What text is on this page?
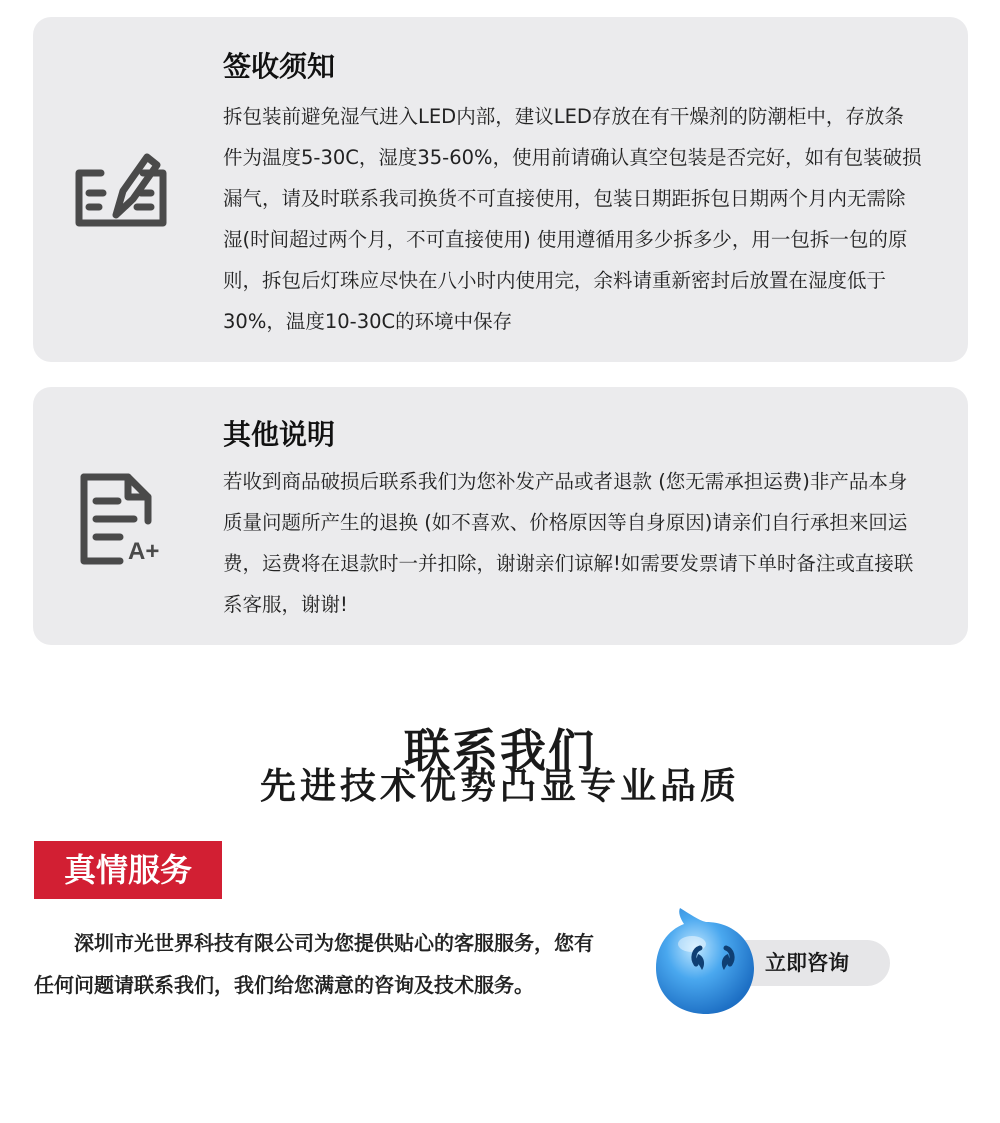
签收须知

拆包装前避免湿气进入LED内部，建议LED存放在有干燥剂的防潮柜中，存放条件为温度5-30C，湿度35-60%，使用前请确认真空包装是否完好，如有包装破损漏气，请及时联系我司换货不可直接使用，包装日期距拆包日期两个月内无需除湿(时间超过两个月，不可直接使用) 使用遵循用多少拆多少，用一包拆一包的原则，拆包后灯珠应尽快在八小时内使用完，余料请重新密封后放置在湿度低于30%，温度10-30C的环境中保存

A+
其他说明

若收到商品破损后联系我们为您补发产品或者退款 (您无需承担运费)非产品本身质量问题所产生的退换 (如不喜欢、价格原因等自身原因)请亲们自行承担来回运费，运费将在退款时一并扣除，谢谢亲们谅解!如需要发票请下单时备注或直接联系客服，谢谢!

联系我们
先进技术优势凸显专业品质
真情服务

深圳市光世界科技有限公司为您提供贴心的客服服务，您有任何问题请联系我们，我们给您满意的咨询及技术服务。

立即咨询
